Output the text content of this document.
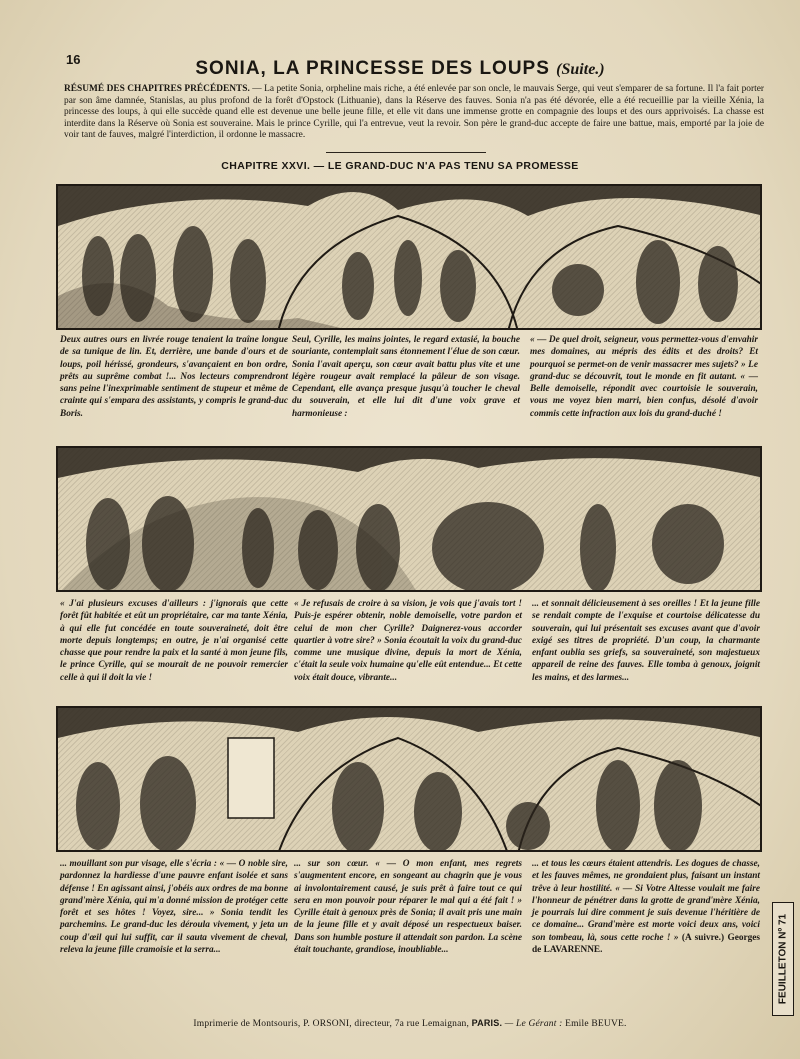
16	SONIA, LA PRINCESSE DES LOUPS (Suite.)
RÉSUMÉ DES CHAPITRES PRÉCÉDENTS. — La petite Sonia, orpheline mais riche, a été enlevée par son oncle, le mauvais Serge, qui veut s'emparer de sa fortune. Il l'a fait porter par son âme damnée, Stanislas, au plus profond de la forêt d'Opstock (Lithuanie), dans la Réserve des fauves. Sonia n'a pas été dévorée, elle a été recueillie par la vieille Xénia, la princesse des loups, à qui elle succède quand elle est devenue une belle jeune fille, et elle vit dans une immense grotte en compagnie des loups et des ours apprivoisés. La chasse est interdite dans la Réserve où Sonia est souveraine. Mais le prince Cyrille, qui l'a entrevue, veut la revoir. Son père le grand-duc accepte de faire une battue, mais, emporté par la joie de voir tant de fauves, malgré l'interdiction, il ordonne le massacre.
CHAPITRE XXVI. — LE GRAND-DUC N'A PAS TENU SA PROMESSE
Deux autres ours en livrée rouge tenaient la traîne longue de sa tunique de lin. Et, derrière, une bande d'ours et de loups, poil hérissé, grondeurs, s'avançaient en bon ordre, prêts au suprême combat !... Nos lecteurs comprendront sans peine l'inexprimable sentiment de stupeur et même de crainte qui s'empara des assistants, y compris le grand-duc Boris.
Seul, Cyrille, les mains jointes, le regard extasié, la bouche souriante, contemplait sans étonnement l'élue de son cœur. Sonia l'avait aperçu, son cœur avait battu plus vite et une légère rougeur avait remplacé la pâleur de son visage. Cependant, elle avança presque jusqu'à toucher le cheval du souverain, et elle lui dit d'une voix grave et harmonieuse :
« — De quel droit, seigneur, vous permettez-vous d'envahir mes domaines, au mépris des édits et des droits? Et pourquoi se permet-on de venir massacrer mes sujets? » Le grand-duc se découvrit, tout le monde en fit autant. « — Belle demoiselle, répondit avec courtoisie le souverain, vous me voyez bien marri, bien confus, désolé d'avoir commis cette infraction aux lois du grand-duché !
« J'ai plusieurs excuses d'ailleurs : j'ignorais que cette forêt fût habitée et eût un propriétaire, car ma tante Xénia, à qui elle fut concédée en toute souveraineté, doit être morte depuis longtemps; en outre, je n'ai organisé cette chasse que pour rendre la paix et la santé à mon jeune fils, le prince Cyrille, qui se mourait de ne pouvoir remercier celle à qui il doit la vie !
« Je refusais de croire à sa vision, je vois que j'avais tort ! Puis-je espérer obtenir, noble demoiselle, votre pardon et celui de mon cher Cyrille? Daignerez-vous accorder quartier à votre sire? » Sonia écoutait la voix du grand-duc comme une musique divine, depuis la mort de Xénia, c'était la seule voix humaine qu'elle eût entendue... Et cette voix était douce, vibrante...
... et sonnait délicieusement à ses oreilles ! Et la jeune fille se rendait compte de l'exquise et courtoise délicatesse du souverain, qui lui présentait ses excuses avant que d'avoir exigé ses titres de propriété. D'un coup, la charmante enfant oublia ses griefs, sa souveraineté, son majestueux appareil de reine des fauves. Elle tomba à genoux, joignit les mains, et des larmes...
... mouillant son pur visage, elle s'écria : « — O noble sire, pardonnez la hardiesse d'une pauvre enfant isolée et sans défense ! En agissant ainsi, j'obéis aux ordres de ma bonne grand'mère Xénia, qui m'a donné mission de protéger cette forêt et ses hôtes ! Voyez, sire... » Sonia tendit les parchemins. Le grand-duc les déroula vivement, y jeta un coup d'œil qui lui suffit, car il sauta vivement de cheval, releva la jeune fille cramoisie et la serra...
... sur son cœur. « — O mon enfant, mes regrets s'augmentent encore, en songeant au chagrin que je vous ai involontairement causé, je suis prêt à faire tout ce qui sera en mon pouvoir pour réparer le mal qui a été fait ! » Cyrille était à genoux près de Sonia; il avait pris une main de la jeune fille et y avait déposé un respectueux baiser. Dans son humble posture il attendait son pardon. La scène était touchante, grandiose, inoubliable...
... et tous les cœurs étaient attendris. Les dogues de chasse, et les fauves mêmes, ne grondaient plus, faisant un instant trêve à leur hostilité. « — Si Votre Altesse voulait me faire l'honneur de pénétrer dans la grotte de grand'mère Xénia, je pourrais lui dire comment je suis devenue l'héritière de ce domaine... Grand'mère est morte voici deux ans, voici son tombeau, là, sous cette roche ! » (A suivre.) Georges de LAVARENNE.
Imprimerie de Montsouris, P. ORSONI, directeur, 7a rue Lemaignan, PARIS. — Le Gérant : Emile BEUVE.
FEUILLETON Nº 71
